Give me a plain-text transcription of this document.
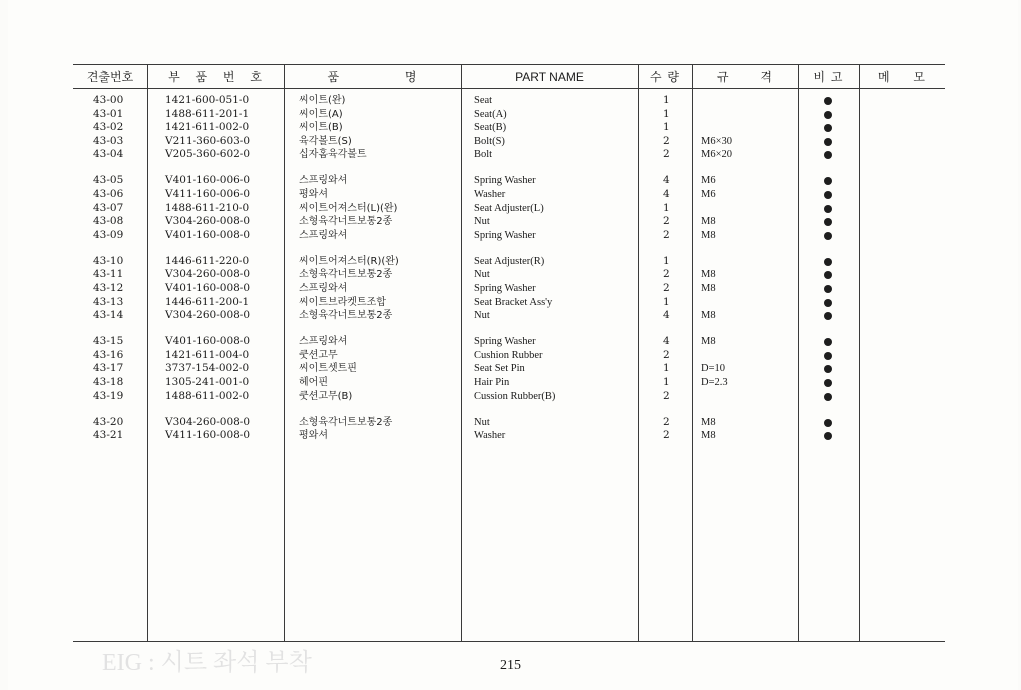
EIG : 시트 좌석 부착
견출번호	부 품 번 호	품 명	PART NAME	수 량	규 격	비 고	메 모
43-00	1421-600-051-0	씨이트(완)	Seat	1
43-01	1488-611-201-1	씨이트(A)	Seat(A)	1
43-02	1421-611-002-0	씨이트(B)	Seat(B)	1
43-03	V211-360-603-0	육각볼트(S)	Bolt(S)	2	M6×30
43-04	V205-360-602-0	십자홈육각볼트	Bolt	2	M6×20
43-05	V401-160-006-0	스프링와셔	Spring Washer	4	M6
43-06	V411-160-006-0	평와셔	Washer	4	M6
43-07	1488-611-210-0	씨이트어져스터(L)(완)	Seat Adjuster(L)	1
43-08	V304-260-008-0	소형육각너트보통2종	Nut	2	M8
43-09	V401-160-008-0	스프링와셔	Spring Washer	2	M8
43-10	1446-611-220-0	씨이트어져스터(R)(완)	Seat Adjuster(R)	1
43-11	V304-260-008-0	소형육각너트보통2종	Nut	2	M8
43-12	V401-160-008-0	스프링와셔	Spring Washer	2	M8
43-13	1446-611-200-1	씨이트브라켓트조합	Seat Bracket Ass'y	1
43-14	V304-260-008-0	소형육각너트보통2종	Nut	4	M8
43-15	V401-160-008-0	스프링와셔	Spring Washer	4	M8
43-16	1421-611-004-0	쿳션고무	Cushion Rubber	2
43-17	3737-154-002-0	씨이트셋트핀	Seat Set Pin	1	D=10
43-18	1305-241-001-0	헤어핀	Hair Pin	1	D=2.3
43-19	1488-611-002-0	쿳션고무(B)	Cussion Rubber(B)	2
43-20	V304-260-008-0	소형육각너트보통2종	Nut	2	M8
43-21	V411-160-008-0	평와셔	Washer	2	M8
215
